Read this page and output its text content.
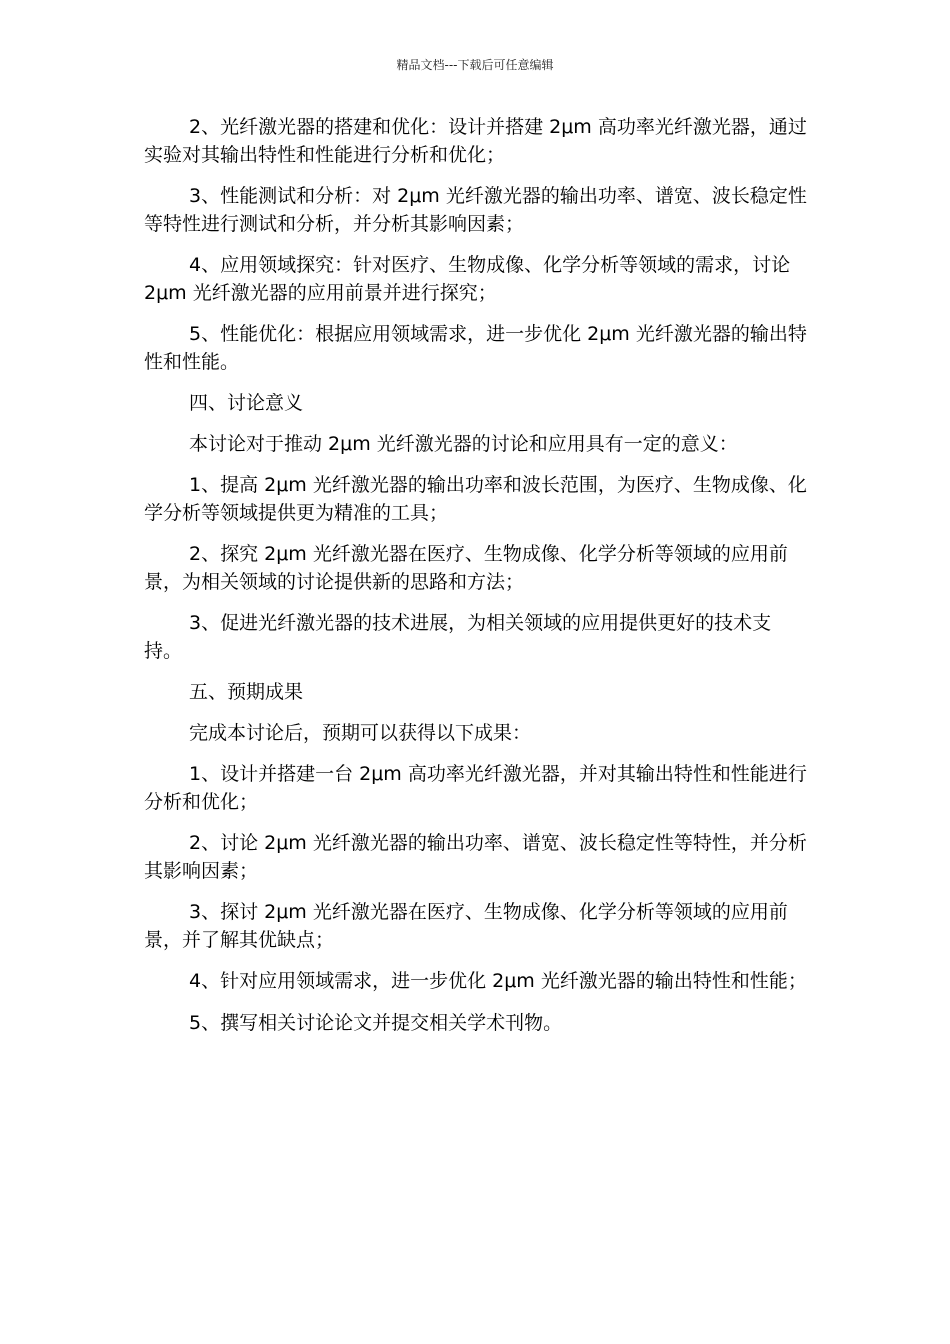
精品文档---下载后可任意编辑

2、光纤激光器的搭建和优化：设计并搭建 2μm 高功率光纤激光器，通过实验对其输出特性和性能进行分析和优化；

3、性能测试和分析：对 2μm 光纤激光器的输出功率、谱宽、波长稳定性等特性进行测试和分析，并分析其影响因素；

4、应用领域探究：针对医疗、生物成像、化学分析等领域的需求，讨论 2μm 光纤激光器的应用前景并进行探究；

5、性能优化：根据应用领域需求，进一步优化 2μm 光纤激光器的输出特性和性能。

四、讨论意义

本讨论对于推动 2μm 光纤激光器的讨论和应用具有一定的意义：

1、提高 2μm 光纤激光器的输出功率和波长范围，为医疗、生物成像、化学分析等领域提供更为精准的工具；

2、探究 2μm 光纤激光器在医疗、生物成像、化学分析等领域的应用前景，为相关领域的讨论提供新的思路和方法；

3、促进光纤激光器的技术进展，为相关领域的应用提供更好的技术支持。

五、预期成果

完成本讨论后，预期可以获得以下成果：

1、设计并搭建一台 2μm 高功率光纤激光器，并对其输出特性和性能进行分析和优化；

2、讨论 2μm 光纤激光器的输出功率、谱宽、波长稳定性等特性，并分析其影响因素；

3、探讨 2μm 光纤激光器在医疗、生物成像、化学分析等领域的应用前景，并了解其优缺点；

4、针对应用领域需求，进一步优化 2μm 光纤激光器的输出特性和性能；

5、撰写相关讨论论文并提交相关学术刊物。
